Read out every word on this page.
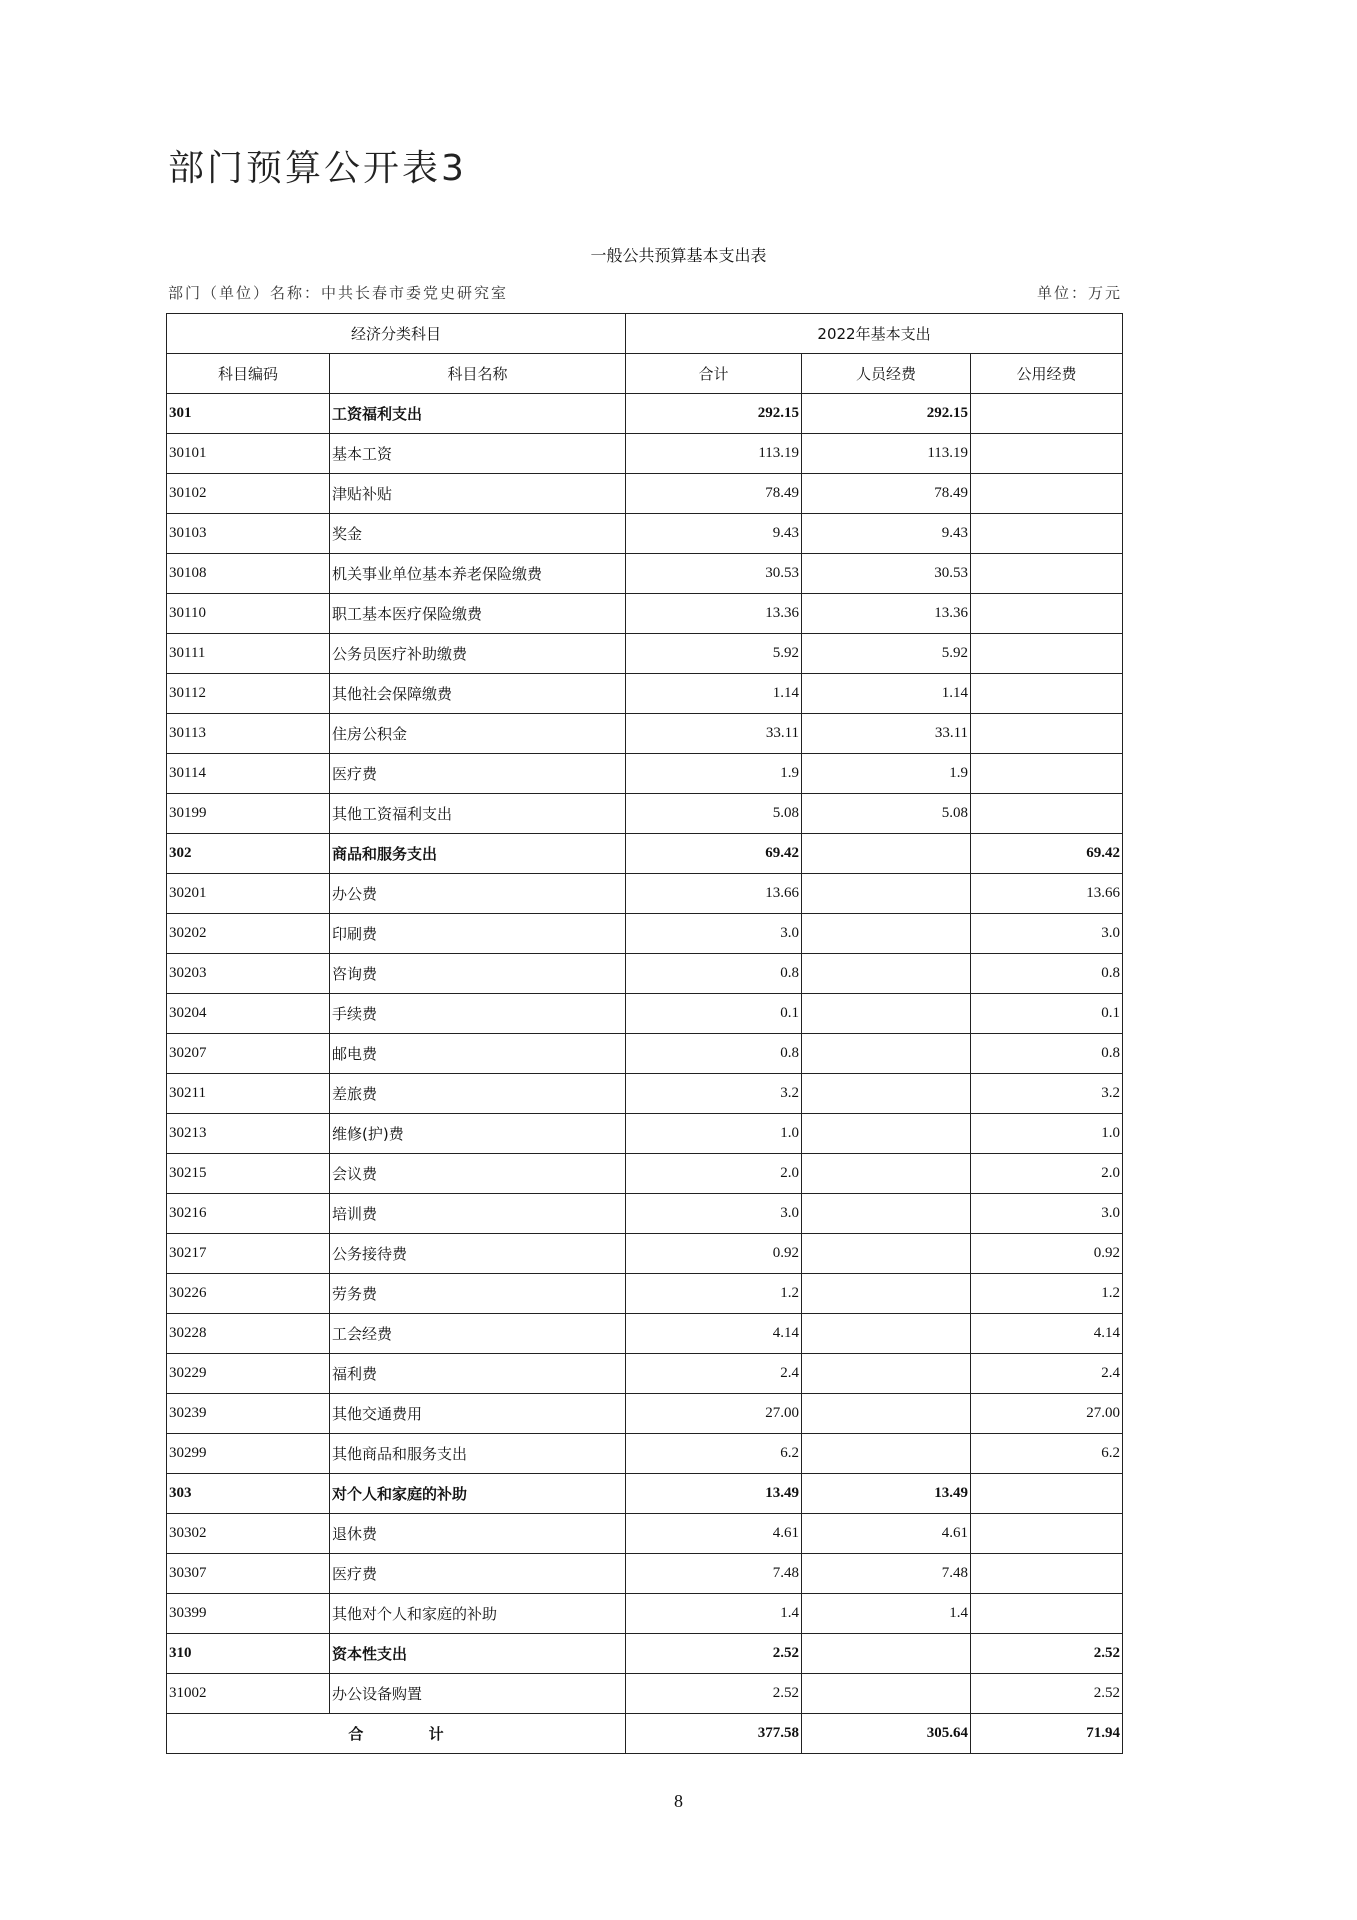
部门预算公开表3
一般公共预算基本支出表
部门（单位）名称：中共长春市委党史研究室	单位：万元
经济分类科目		2022年基本支出		
科目编码	科目名称	合计	人员经费	公用经费
301	工资福利支出	292.15	292.15	
30101	基本工资	113.19	113.19	
30102	津贴补贴	78.49	78.49	
30103	奖金	9.43	9.43	
30108	机关事业单位基本养老保险缴费	30.53	30.53	
30110	职工基本医疗保险缴费	13.36	13.36	
30111	公务员医疗补助缴费	5.92	5.92	
30112	其他社会保障缴费	1.14	1.14	
30113	住房公积金	33.11	33.11	
30114	医疗费	1.9	1.9	
30199	其他工资福利支出	5.08	5.08	
302	商品和服务支出	69.42		69.42
30201	办公费	13.66		13.66
30202	印刷费	3.0		3.0
30203	咨询费	0.8		0.8
30204	手续费	0.1		0.1
30207	邮电费	0.8		0.8
30211	差旅费	3.2		3.2
30213	维修(护)费	1.0		1.0
30215	会议费	2.0		2.0
30216	培训费	3.0		3.0
30217	公务接待费	0.92		0.92
30226	劳务费	1.2		1.2
30228	工会经费	4.14		4.14
30229	福利费	2.4		2.4
30239	其他交通费用	27.00		27.00
30299	其他商品和服务支出	6.2		6.2
303	对个人和家庭的补助	13.49	13.49	
30302	退休费	4.61	4.61	
30307	医疗费	7.48	7.48	
30399	其他对个人和家庭的补助	1.4	1.4	
310	资本性支出	2.52		2.52
31002	办公设备购置	2.52		2.52
合 计		377.58	305.64	71.94
8
